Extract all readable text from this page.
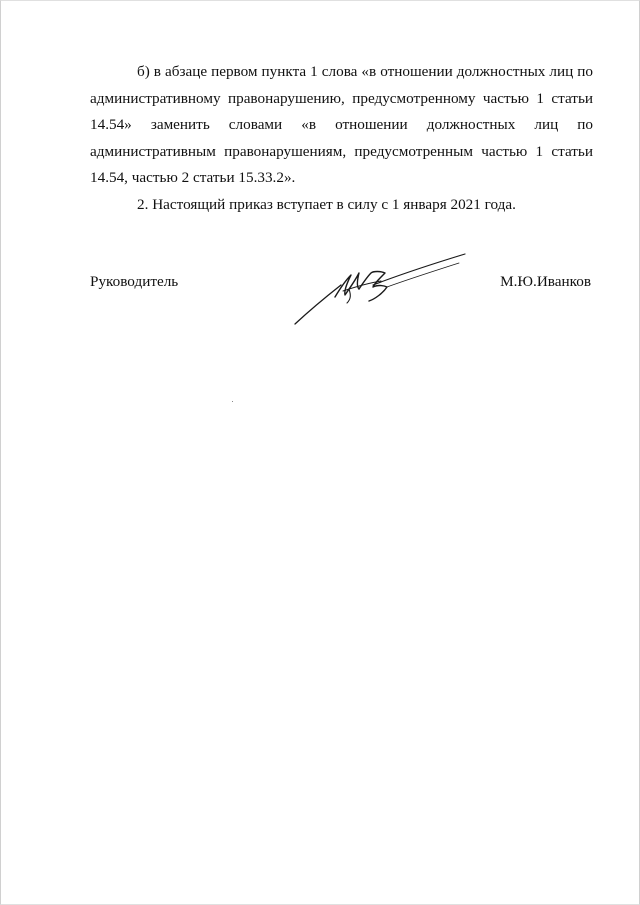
б) в абзаце первом пункта 1 слова «в отношении должностных лиц по административному правонарушению, предусмотренному частью 1 статьи 14.54» заменить словами «в отношении должностных лиц по административным правонарушениям, предусмотренным частью 1 статьи 14.54, частью 2 статьи 15.33.2».

2. Настоящий приказ вступает в силу с 1 января 2021 года.

Руководитель	М.Ю.Иванков
